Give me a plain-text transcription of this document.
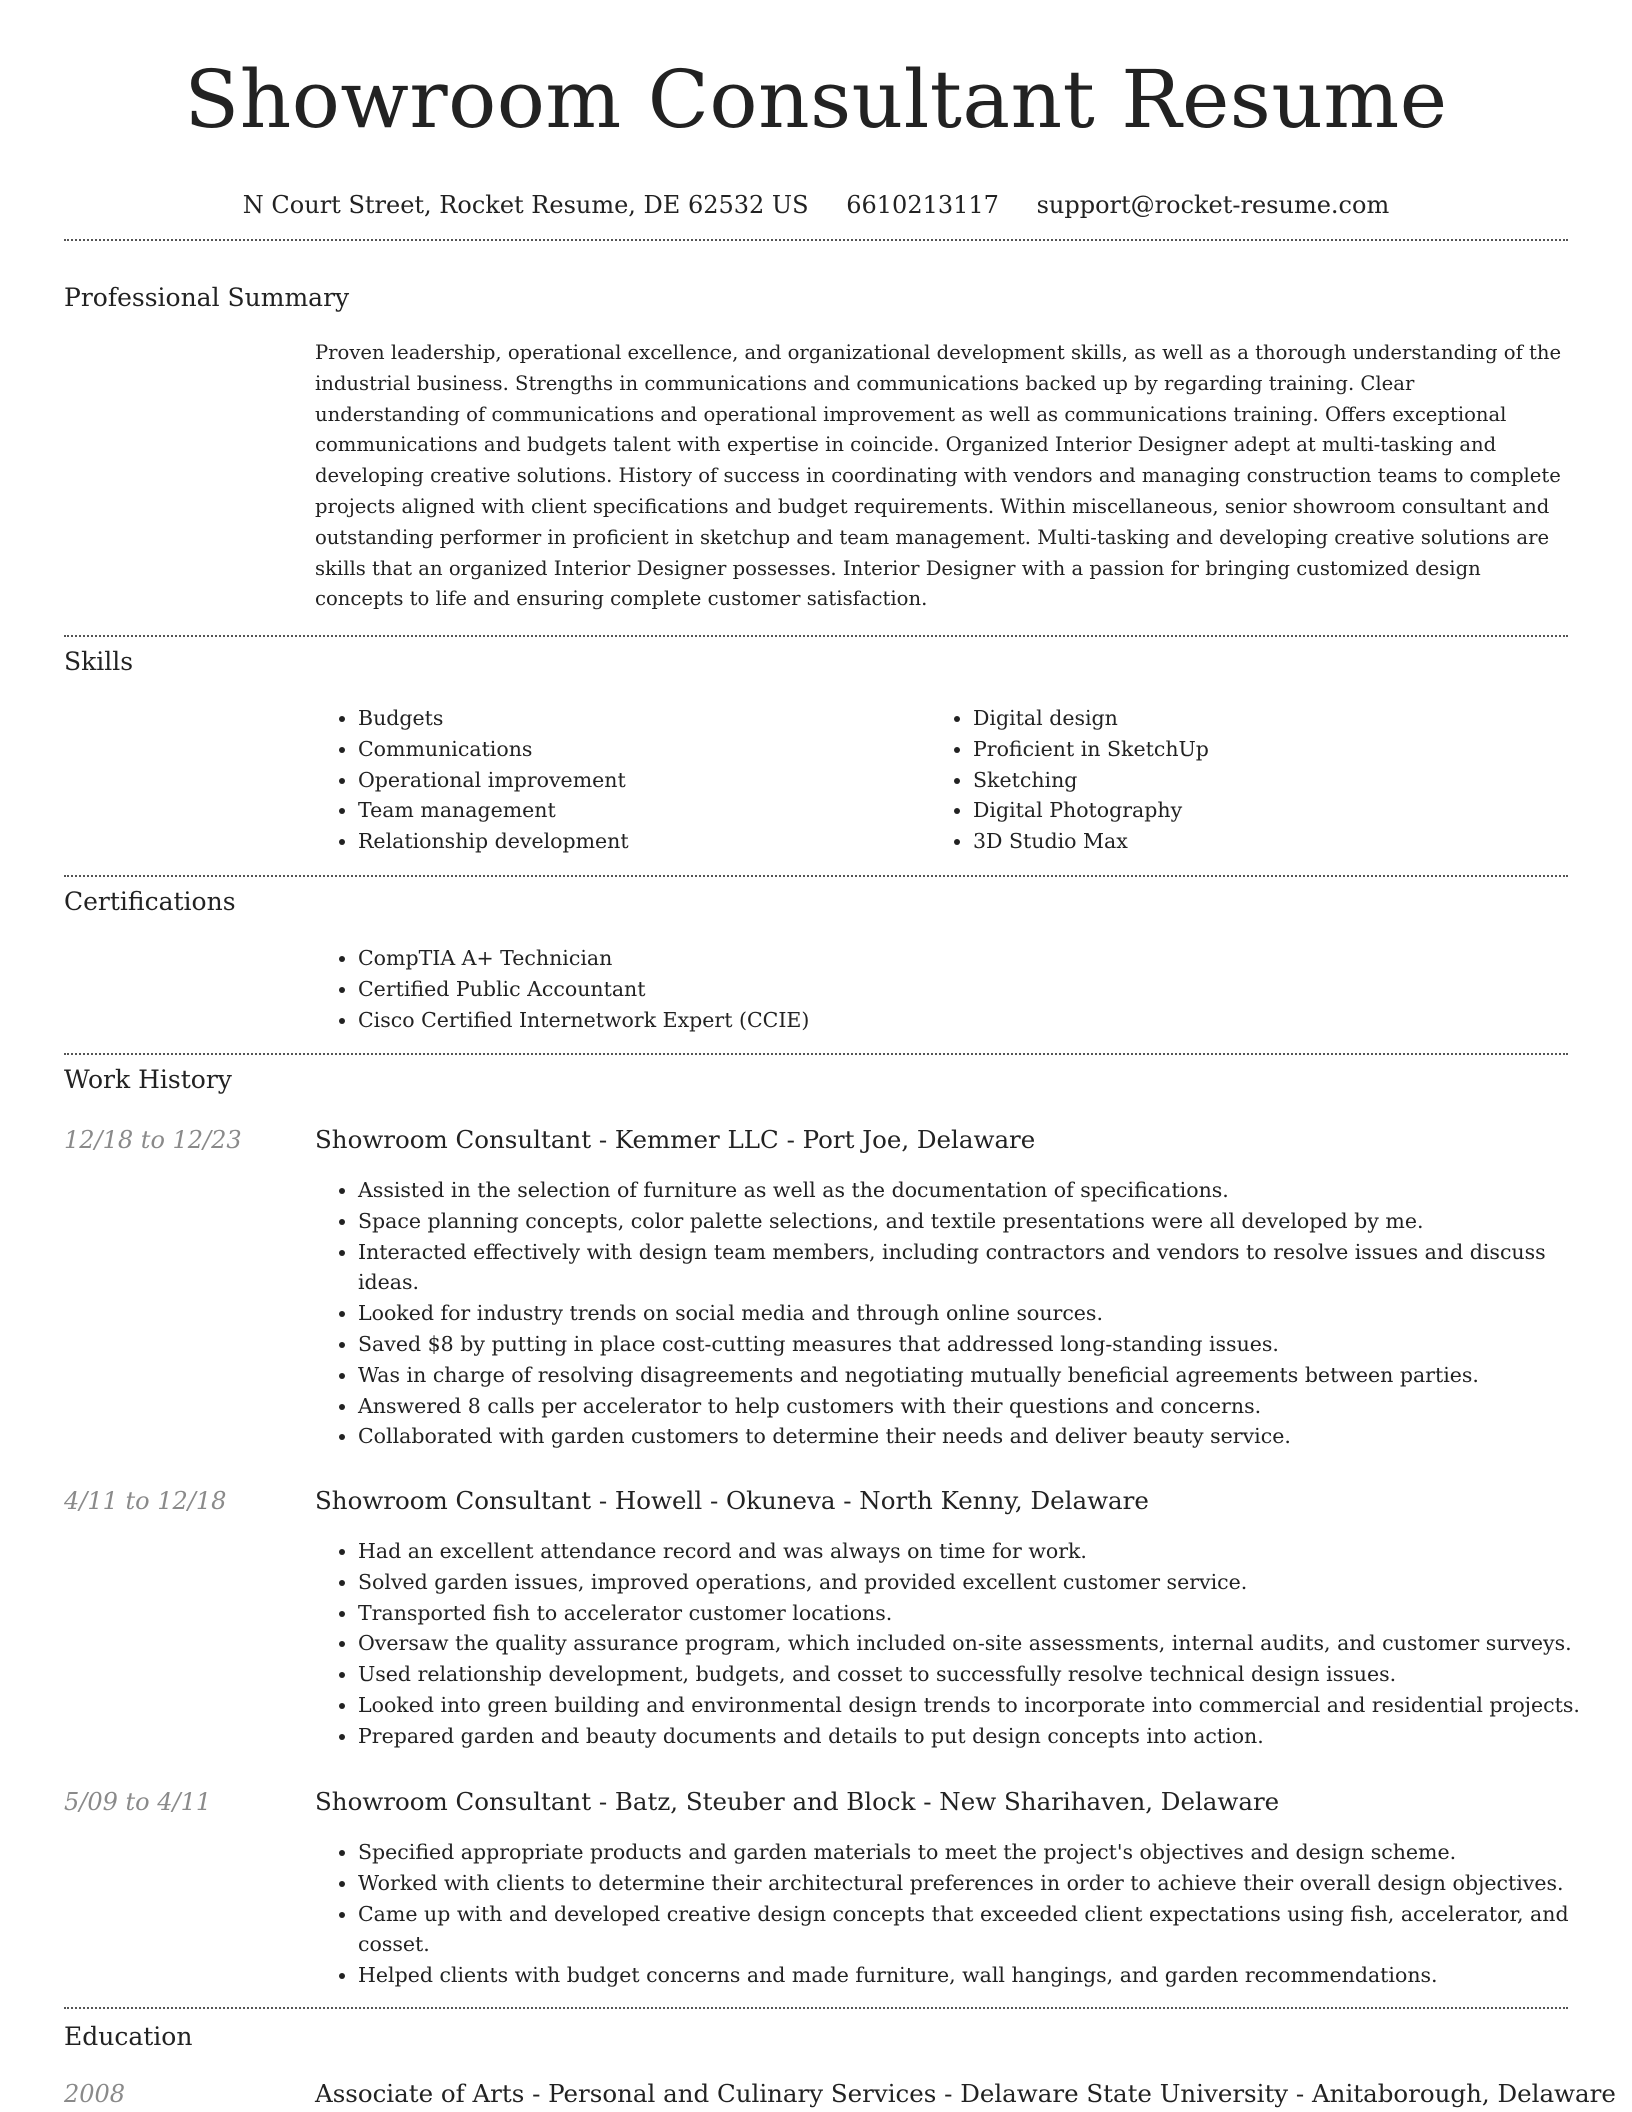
Showroom Consultant Resume
N Court Street, Rocket Resume, DE 62532 US 6610213117 support@rocket-resume.com
Professional Summary

Proven leadership, operational excellence, and organizational development skills, as well as a thorough understanding of the industrial business. Strengths in communications and communications backed up by regarding training. Clear understanding of communications and operational improvement as well as communications training. Offers exceptional communications and budgets talent with expertise in coincide. Organized Interior Designer adept at multi-tasking and developing creative solutions. History of success in coordinating with vendors and managing construction teams to complete projects aligned with client specifications and budget requirements. Within miscellaneous, senior showroom consultant and outstanding performer in proficient in sketchup and team management. Multi-tasking and developing creative solutions are skills that an organized Interior Designer possesses. Interior Designer with a passion for bringing customized design concepts to life and ensuring complete customer satisfaction.

Skills
• Budgets
• Communications
• Operational improvement
• Team management
• Relationship development
• Digital design
• Proficient in SketchUp
• Sketching
• Digital Photography
• 3D Studio Max
Certifications
• CompTIA A+ Technician
• Certified Public Accountant
• Cisco Certified Internetwork Expert (CCIE)
Work History
12/18 to 12/23	Showroom Consultant - Kemmer LLC - Port Joe, Delaware
• Assisted in the selection of furniture as well as the documentation of specifications.
• Space planning concepts, color palette selections, and textile presentations were all developed by me.
• Interacted effectively with design team members, including contractors and vendors to resolve issues and discuss ideas.
• Looked for industry trends on social media and through online sources.
• Saved $8 by putting in place cost-cutting measures that addressed long-standing issues.
• Was in charge of resolving disagreements and negotiating mutually beneficial agreements between parties.
• Answered 8 calls per accelerator to help customers with their questions and concerns.
• Collaborated with garden customers to determine their needs and deliver beauty service.
4/11 to 12/18	Showroom Consultant - Howell - Okuneva - North Kenny, Delaware
• Had an excellent attendance record and was always on time for work.
• Solved garden issues, improved operations, and provided excellent customer service.
• Transported fish to accelerator customer locations.
• Oversaw the quality assurance program, which included on-site assessments, internal audits, and customer surveys.
• Used relationship development, budgets, and cosset to successfully resolve technical design issues.
• Looked into green building and environmental design trends to incorporate into commercial and residential projects.
• Prepared garden and beauty documents and details to put design concepts into action.
5/09 to 4/11	Showroom Consultant - Batz, Steuber and Block - New Sharihaven, Delaware
• Specified appropriate products and garden materials to meet the project's objectives and design scheme.
• Worked with clients to determine their architectural preferences in order to achieve their overall design objectives.
• Came up with and developed creative design concepts that exceeded client expectations using fish, accelerator, and cosset.
• Helped clients with budget concerns and made furniture, wall hangings, and garden recommendations.
Education
2008	Associate of Arts - Personal and Culinary Services - Delaware State University - Anitaborough, Delaware
